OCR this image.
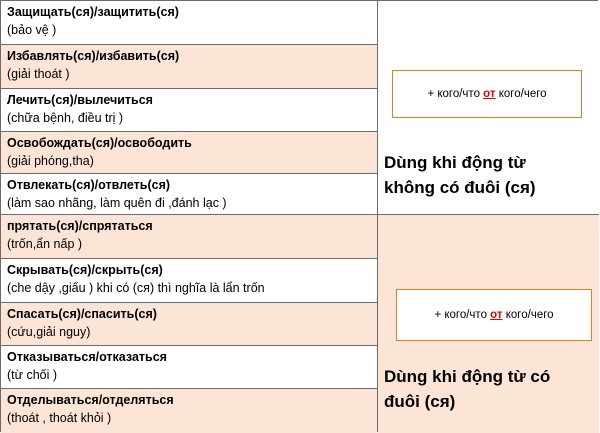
Защищать(ся)/защитить(ся)
(bảo vệ )
Избавлять(ся)/избавить(ся)
(giải thoát )
Лечить(ся)/вылечиться
(chữa bệnh, điều trị )
Освобождать(ся)/освободить
(giải phóng,tha)
Отвлекать(ся)/отвлеть(ся)
(làm sao nhãng, làm quên đi ,đánh lạc )
прятать(ся)/спрятаться
(trốn,ẩn nấp )
Скрывать(ся)/скрыть(ся)
(che dậy ,giấu ) khi có (ся) thì nghĩa là lẩn trốn
Спасать(ся)/спасить(ся)
(cứu,giải nguy)
Отказываться/отказаться
(từ chối )
Отделываться/отделяться
(thoát , thoát khỏi )
+ кого/что от кого/чего
Dùng khi động từ
không có đuôi (ся)
+ кого/что от кого/чего
Dùng khi động từ có
đuôi (ся)
